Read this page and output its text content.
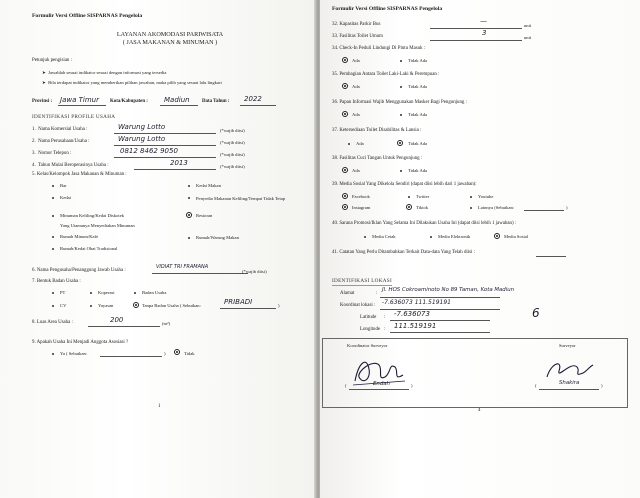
Formulir Versi Offline SISPARNAS Pengelola
LAYANAN AKOMODASI PARIWISATA
( JASA MAKANAN & MINUMAN )
Petunjuk pengisian :
➤  Jawablah sesuai indikator sesuai dengan informasi yang tersedia
➤  Bila terdapat indikator yang memberikan pilihan jawaban, maka pilih yang sesuai lalu lingkari
Provinsi : Jawa Timur Kota/Kabupaten : Madiun	Data Tahun : 2022
IDENTIFIKASI PROFILE USAHA
1. Nama Komersial Usaha :	Warung Lotto	(*wajib diisi)
2. Nama Perusahaan/Usaha :	Warung Lotto	(*wajib diisi)
3. Nomor Telepon :	0812 8462 9050	(*wajib diisi)
4. Tahun Mulai Beroperasinya Usaha :	2013	(*wajib diisi)
5. Kelas/Kelompok Jasa Makanan & Minuman :
Bar
Kedai
Minuman Keliling/Kedai Diskotek
Yang Utamanya Menyediakan Minuman
Rumah Minum/Kafe
Rumah/Kedai Obat Tradisional
Kedai Makan
Penyedia Makanan Keliling/Tempat Tidak Tetap
Restoran
Rumah/Warung Makan
6. Nama Pengusaha/Penanggung Jawab Usaha :
VIDIAT TRI FRAMANA
(*wajib diisi)
7. Bentuk Badan Usaha :
PT	Koperasi	Badan Usaha
CV	Yayasan	Tanpa Badan Usaha ( Sebutkan:	PRIBADI	)
8. Luas Area Usaha :	200	(m²)
9. Apakah Usaha Ini Menjadi Anggota Asosiasi ?
Ya ( Sebutkan:	)	Tidak
1
Formulir Versi Offline SISPARNAS Pengelola
32. Kapasitas Parkir Bus	—
unit
33. Fasilitas Toilet Umum	3
unit
34. Check-In Peduli Lindungi Di Pintu Masuk :
Ada	Tidak Ada
35. Pembagian Antara Toilet Laki-Laki & Perempuan :
Ada	Tidak Ada
36. Papan Informasi Wajib Menggunakan Masker Bagi Pengunjung :
Ada	Tidak Ada
37. Ketersediaan Toilet Disabilitas & Lansia :
Ada	Tidak Ada
38. Fasilitas Cuci Tangan Untuk Pengunjung :
Ada	Tidak Ada
39. Media Sosial Yang Dikelola Sendiri (dapat diisi lebih dari 1 jawaban):
Facebook	Twitter	Youtube
Instagram	Tiktok	Lainnya (Sebutkan:	)
40. Sarana Promosi/Iklan Yang Selama Ini Dilakukan Usaha Ini (dapat diisi lebih 1 jawaban) :
Media Cetak	Media Elektronik	Media Sosial
41. Catatan Yang Perlu Ditambahkan Terkait Data-data Yang Telah diisi :
IDENTIFIKASI LOKASI
Alamat	:
Jl. HOS Cokroaminoto No 89 Taman, Kota Madiun
Koordinat lokasi : -7.636073 111.519191
Latitude : -7.636073
Longitude : 111.519191
6
4
Koordinator Surveyor	Surveyor
(	Endah	)	(	Shakira	)
